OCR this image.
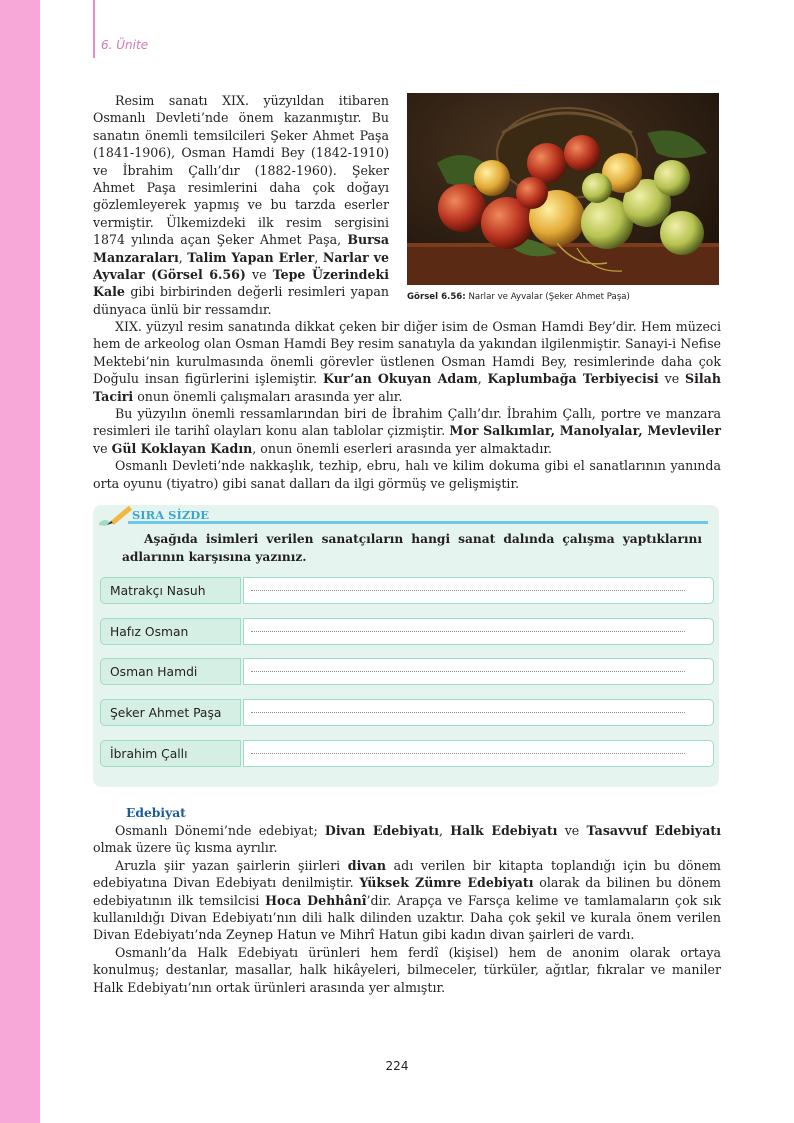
6. Ünite

Resim sanatı XIX. yüzyıldan itibaren Osmanlı Devleti’nde önem kazanmıştır. Bu sanatın önemli temsilcileri Şeker Ahmet Paşa (1841-1906), Osman Hamdi Bey (1842-1910) ve İbrahim Çallı’dır (1882-1960). Şeker Ahmet Paşa resimlerini daha çok doğayı gözlemleyerek yapmış ve bu tarzda eserler vermiştir. Ülkemizdeki ilk resim sergisini 1874 yılında açan Şeker Ahmet Paşa, Bursa Manzaraları, Talim Yapan Erler, Narlar ve Ayvalar (Görsel 6.56) ve Tepe Üzerindeki Kale gibi birbirinden değerli resimleri yapan dünyaca ünlü bir ressamdır.

Görsel 6.56: Narlar ve Ayvalar (Şeker Ahmet Paşa)

XIX. yüzyıl resim sanatında dikkat çeken bir diğer isim de Osman Hamdi Bey’dir. Hem müzeci hem de arkeolog olan Osman Hamdi Bey resim sanatıyla da yakından ilgilenmiştir. Sanayi-i Nefise Mektebi’nin kurulmasında önemli görevler üstlenen Osman Hamdi Bey, resimlerinde daha çok Doğulu insan figürlerini işlemiştir. Kur’an Okuyan Adam, Kaplumbağa Terbiyecisi ve Silah Taciri onun önemli çalışmaları arasında yer alır.

Bu yüzyılın önemli ressamlarından biri de İbrahim Çallı’dır. İbrahim Çallı, portre ve manzara resimleri ile tarihî olayları konu alan tablolar çizmiştir. Mor Salkımlar, Manolyalar, Mevleviler ve Gül Koklayan Kadın, onun önemli eserleri arasında yer almaktadır.

Osmanlı Devleti’nde nakkaşlık, tezhip, ebru, halı ve kilim dokuma gibi el sanatlarının yanında orta oyunu (tiyatro) gibi sanat dalları da ilgi görmüş ve gelişmiştir.

SIRA SİZDE

Aşağıda isimleri verilen sanatçıların hangi sanat dalında çalışma yaptıklarını adlarının karşısına yazınız.

Matrakçı Nasuh
Hafız Osman
Osman Hamdi
Şeker Ahmet Paşa
İbrahim Çallı
Edebiyat

Osmanlı Dönemi’nde edebiyat; Divan Edebiyatı, Halk Edebiyatı ve Tasavvuf Edebiyatı olmak üzere üç kısma ayrılır.

Aruzla şiir yazan şairlerin şiirleri divan adı verilen bir kitapta toplandığı için bu dönem edebiyatına Divan Edebiyatı denilmiştir. Yüksek Zümre Edebiyatı olarak da bilinen bu dönem edebiyatının ilk temsilcisi Hoca Dehhânî’dir. Arapça ve Farsça kelime ve tamlamaların çok sık kullanıldığı Divan Edebiyatı’nın dili halk dilinden uzaktır. Daha çok şekil ve kurala önem verilen Divan Edebiyatı’nda Zeynep Hatun ve Mihrî Hatun gibi kadın divan şairleri de vardı.

Osmanlı’da Halk Edebiyatı ürünleri hem ferdî (kişisel) hem de anonim olarak ortaya konulmuş; destanlar, masallar, halk hikâyeleri, bilmeceler, türküler, ağıtlar, fıkralar ve maniler Halk Edebiyatı’nın ortak ürünleri arasında yer almıştır.

224
